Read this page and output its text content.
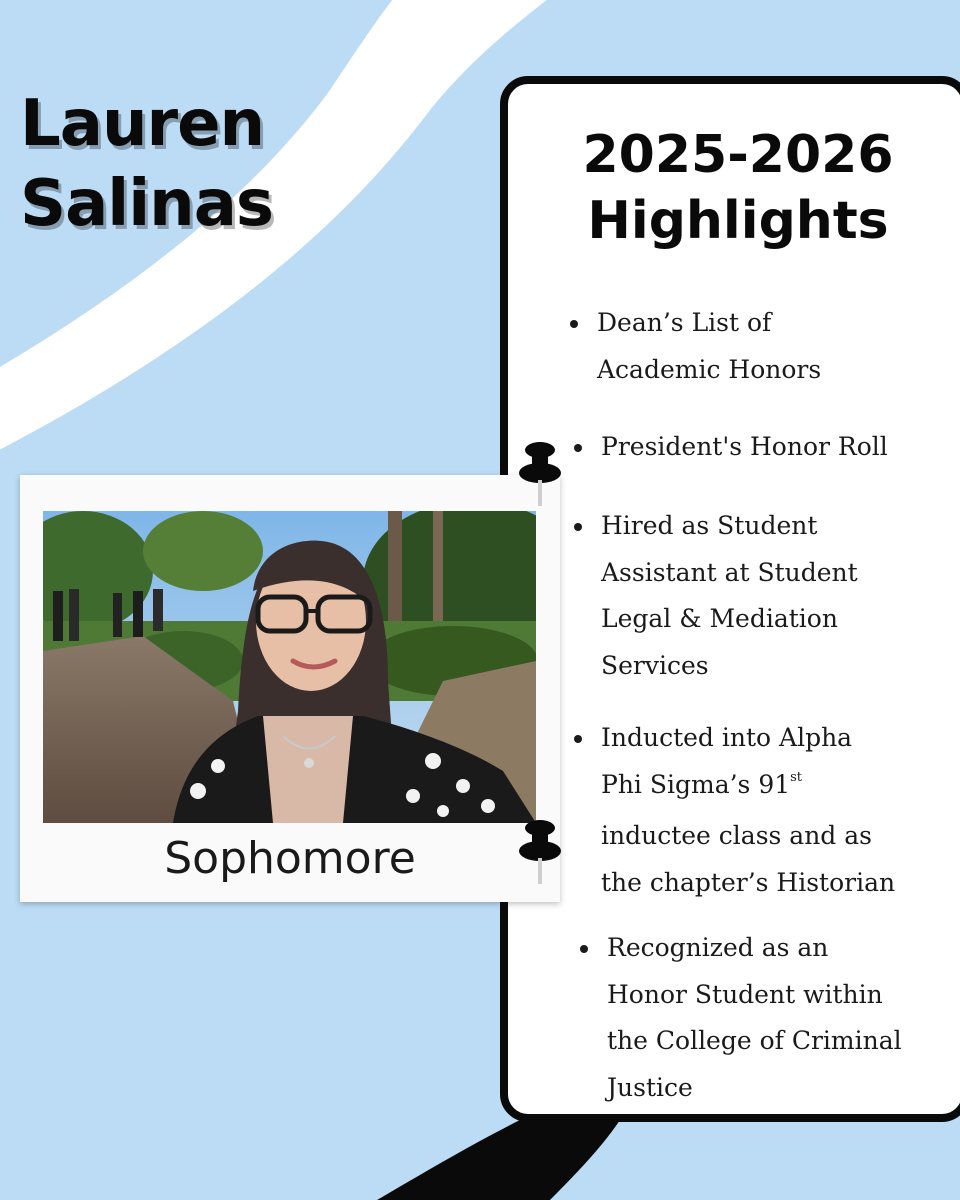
Lauren
Salinas
2025-2026
Highlights
Dean’s List of
Academic Honors
President's Honor Roll
Hired as Student
Assistant at Student
Legal & Mediation
Services
Inducted into Alpha
Phi Sigma’s 91st
inductee class and as
the chapter’s Historian
Recognized as an
Honor Student within
the College of Criminal
Justice
Sophomore
